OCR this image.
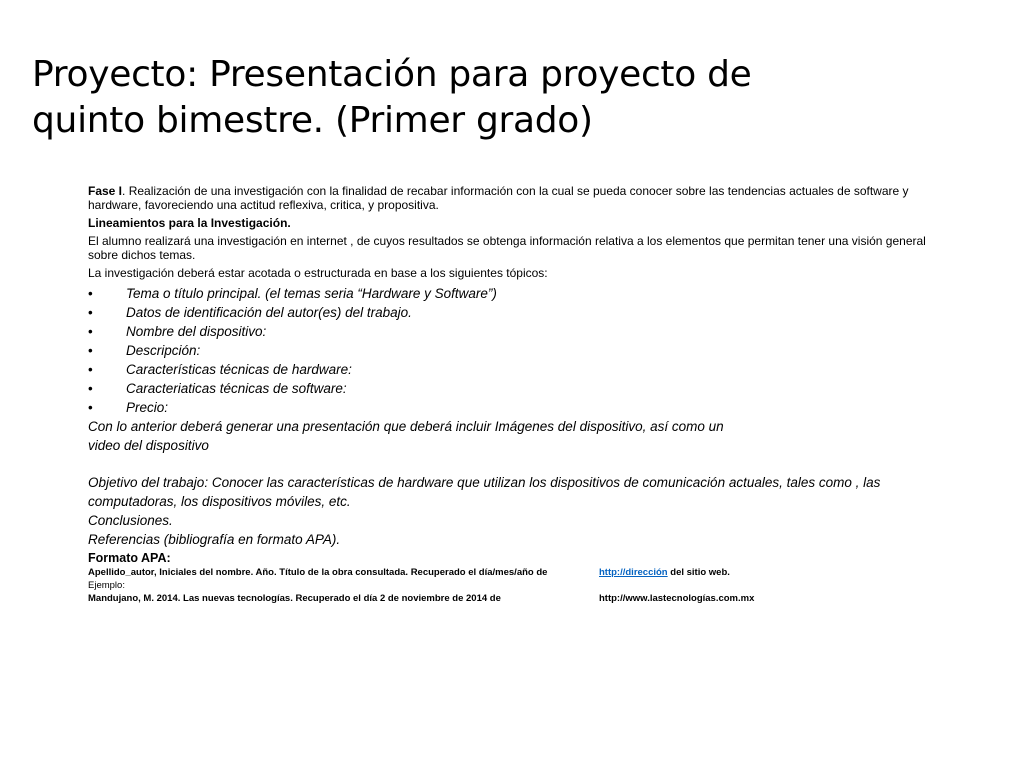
Proyecto: Presentación para proyecto de
quinto bimestre. (Primer grado)

Fase I. Realización de una investigación con la finalidad de recabar información con la cual se pueda conocer sobre las tendencias actuales de software y hardware, favoreciendo una actitud reflexiva, critica, y propositiva.

Lineamientos para la Investigación.

El alumno realizará una investigación en internet , de cuyos resultados se obtenga información relativa a los elementos que permitan tener una visión general sobre dichos temas.

La investigación deberá estar acotada o estructurada en base a los siguientes tópicos:

• Tema o título principal. (el temas seria “Hardware y Software”)
• Datos de identificación del autor(es) del trabajo.
• Nombre del dispositivo:
• Descripción:
• Características técnicas de hardware:
• Caracteriaticas técnicas de software:
• Precio:

Con lo anterior deberá generar una presentación que deberá incluir Imágenes del dispositivo, así como un

video del dispositivo

Objetivo del trabajo: Conocer las características de hardware que utilizan los dispositivos de comunicación actuales, tales como , las computadoras, los dispositivos móviles, etc.

Conclusiones.

Referencias (bibliografía en formato APA).

Formato APA:

Apellido_autor, Iniciales del nombre. Año. Título de la obra consultada. Recuperado el día/mes/año de	http://dirección del sitio web.
Ejemplo:
Mandujano, M. 2014. Las nuevas tecnologías. Recuperado el día 2 de noviembre de 2014 de	http://www.lastecnologías.com.mx
